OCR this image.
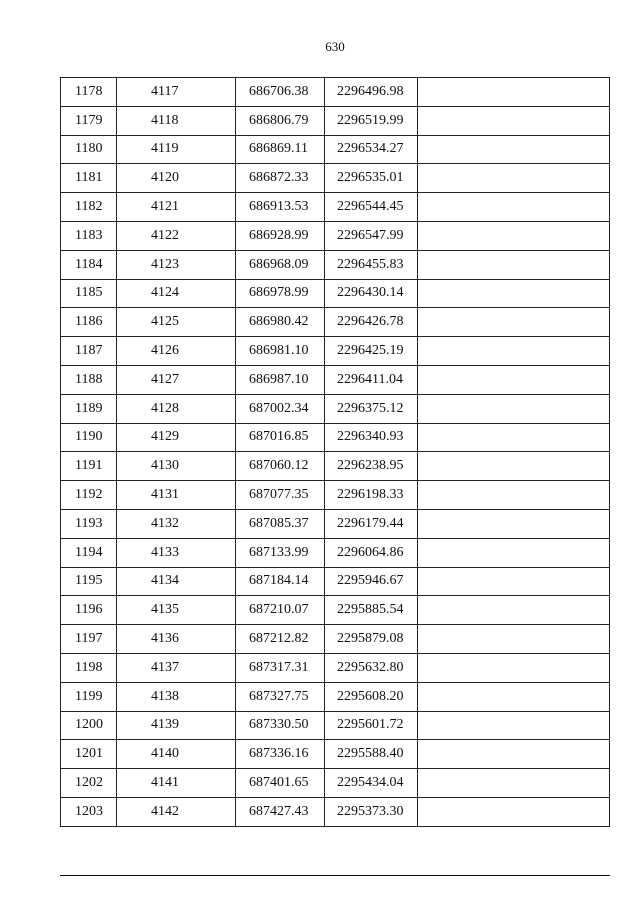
630
1178	4117	686706.38	2296496.98	
1179	4118	686806.79	2296519.99	
1180	4119	686869.11	2296534.27	
1181	4120	686872.33	2296535.01	
1182	4121	686913.53	2296544.45	
1183	4122	686928.99	2296547.99	
1184	4123	686968.09	2296455.83	
1185	4124	686978.99	2296430.14	
1186	4125	686980.42	2296426.78	
1187	4126	686981.10	2296425.19	
1188	4127	686987.10	2296411.04	
1189	4128	687002.34	2296375.12	
1190	4129	687016.85	2296340.93	
1191	4130	687060.12	2296238.95	
1192	4131	687077.35	2296198.33	
1193	4132	687085.37	2296179.44	
1194	4133	687133.99	2296064.86	
1195	4134	687184.14	2295946.67	
1196	4135	687210.07	2295885.54	
1197	4136	687212.82	2295879.08	
1198	4137	687317.31	2295632.80	
1199	4138	687327.75	2295608.20	
1200	4139	687330.50	2295601.72	
1201	4140	687336.16	2295588.40	
1202	4141	687401.65	2295434.04	
1203	4142	687427.43	2295373.30	
